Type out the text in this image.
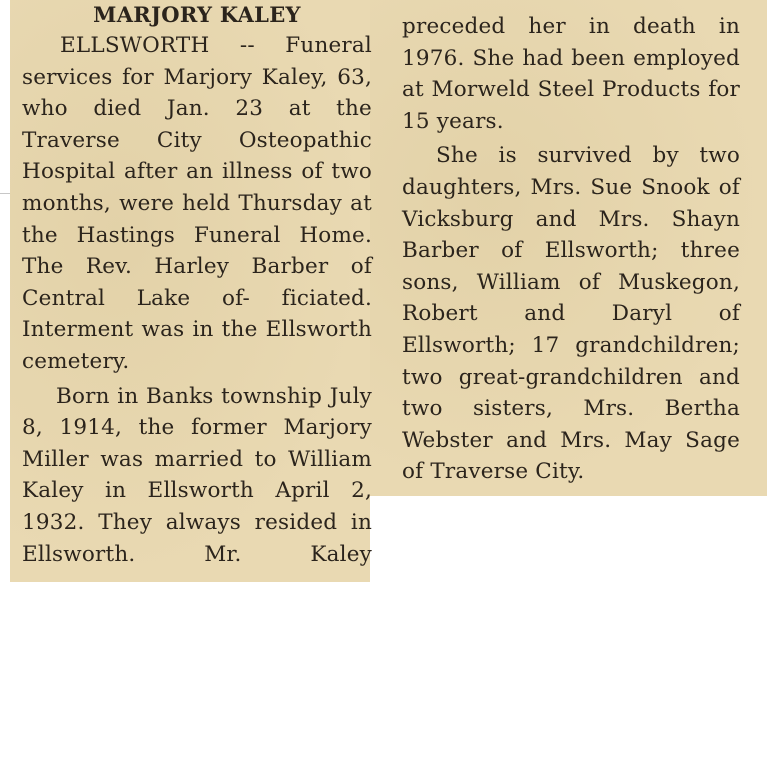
MARJORY KALEY

ELLSWORTH -- Funeral services for Marjory Kaley, 63, who died Jan. 23 at the Traverse City Osteopathic Hospital after an illness of two months, were held Thursday at the Hastings Funeral Home. The Rev. Harley Barber of Central Lake of- ficiated. Interment was in the Ellsworth cemetery.

Born in Banks township July 8, 1914, the former Marjory Miller was married to William Kaley in Ellsworth April 2, 1932. They always resided in Ellsworth. Mr. Kaley

preceded her in death in 1976. She had been employed at Morweld Steel Products for 15 years.

She is survived by two daughters, Mrs. Sue Snook of Vicksburg and Mrs. Shayn Barber of Ellsworth; three sons, William of Muskegon, Robert and Daryl of Ellsworth; 17 grandchildren; two great-grandchildren and two sisters, Mrs. Bertha Webster and Mrs. May Sage of Traverse City.
